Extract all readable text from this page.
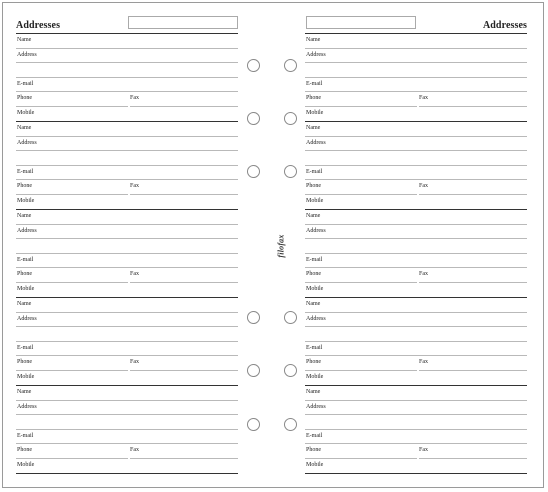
Addresses
Name
Address
E-mail
Phone	Fax
Mobile
Name
Address
E-mail
Phone	Fax
Mobile
Name
Address
E-mail
Phone	Fax
Mobile
Name
Address
E-mail
Phone	Fax
Mobile
Name
Address
E-mail
Phone	Fax
Mobile
Addresses
Name
Address
E-mail
Phone	Fax
Mobile
Name
Address
E-mail
Phone	Fax
Mobile
Name
Address
E-mail
Phone	Fax
Mobile
Name
Address
E-mail
Phone	Fax
Mobile
Name
Address
E-mail
Phone	Fax
Mobile
filofax
